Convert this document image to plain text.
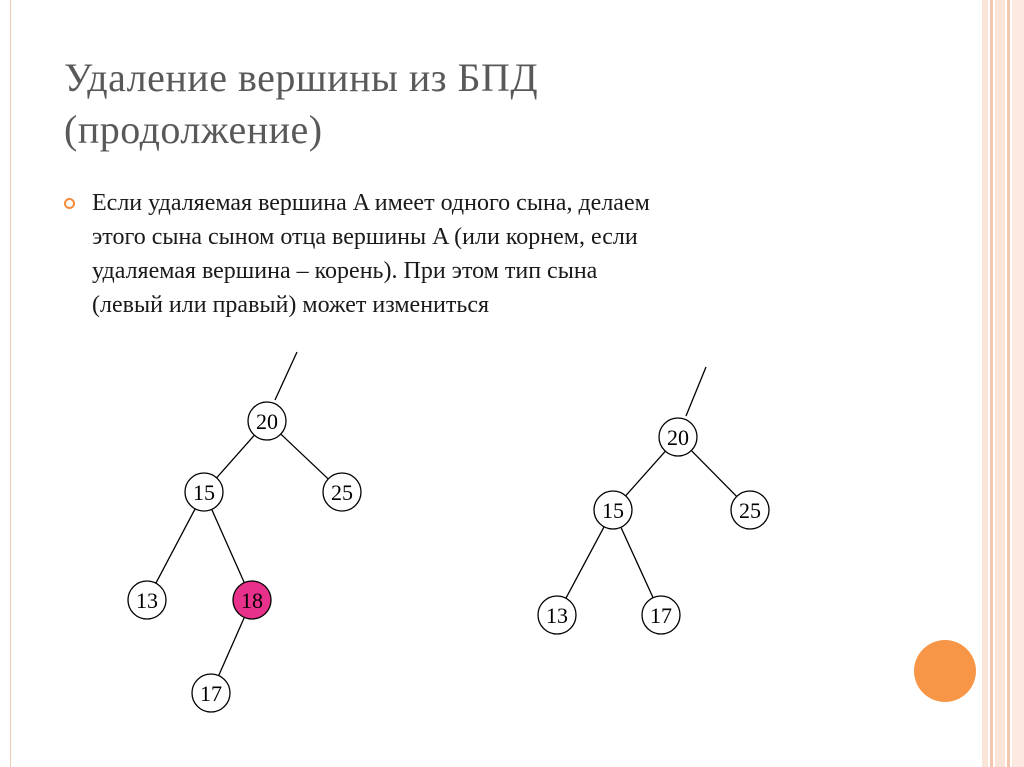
Удаление вершины из БПД
(продолжение)
Если удаляемая вершина A имеет одного сына, делаем
этого сына сыном отца вершины A (или корнем, если
удаляемая вершина – корень). При этом тип сына
(левый или правый) может измениться
20
15	25
13	18
17
20
15	25
13	17
